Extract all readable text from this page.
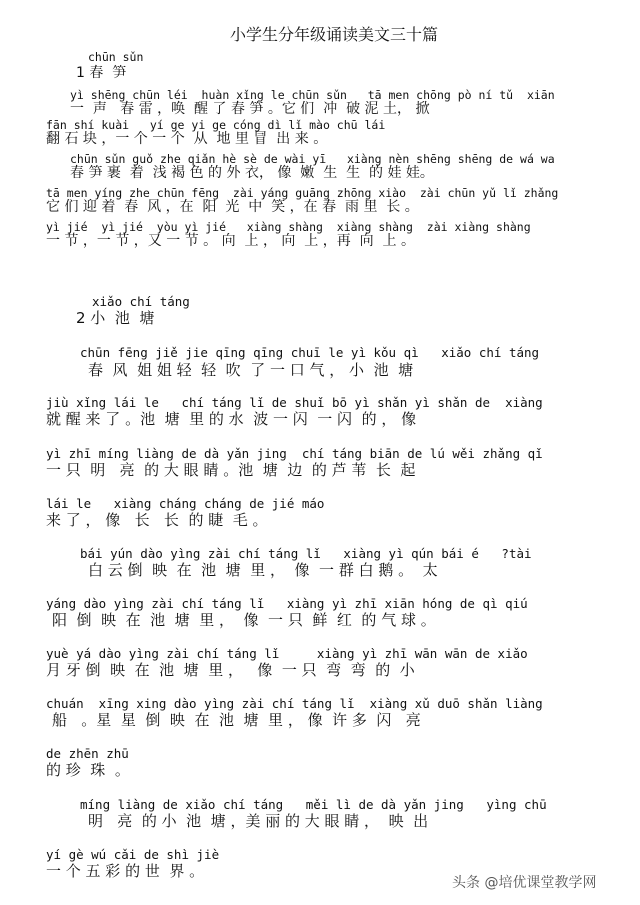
小学生分年级诵读美文三十篇
chūn sǔn
1 春  笋
yì shēng chūn léi  huàn xǐng le chūn sǔn   tā men chōng pò ní tǔ  xiān
一  声   春 雷 ，唤  醒 了 春 笋 。它 们  冲  破 泥 土， 掀
fān shí kuài   yí ge yi ge cóng dì lǐ mào chū lái
翻 石 块 ，一 个 一 个  从  地 里 冒  出 来 。
chūn sǔn guǒ zhe qiǎn hè sè de wài yī   xiàng nèn shēng shēng de wá wa
春 笋 裹  着  浅 褐 色 的 外 衣， 像  嫩  生  生  的 娃 娃。
tā men yíng zhe chūn fēng  zài yáng guāng zhōng xiào  zài chūn yǔ lǐ zhǎng
它 们 迎 着  春  风 ，在  阳  光  中  笑 ，在 春  雨 里  长 。
yì jié  yì jié  yòu yì jié   xiàng shàng  xiàng shàng  zài xiàng shàng
一 节 ，一 节 ，又 一 节 。 向  上 ， 向  上 ，再  向  上 。
xiǎo chí táng
2 小  池  塘
chūn fēng jiě jie qīng qīng chuī le yì kǒu qì   xiǎo chí táng
春  风  姐 姐 轻  轻  吹  了 一 口 气 ， 小  池  塘
jiù xǐng lái le   chí táng lǐ de shuǐ bō yì shǎn yì shǎn de  xiàng
就 醒 来 了 。池  塘  里 的 水  波 一 闪  一 闪  的 ， 像
yì zhī míng liàng de dà yǎn jing  chí táng biān de lú wěi zhǎng qǐ
一 只  明   亮  的 大 眼 睛 。池  塘  边  的 芦 苇  长  起
lái le   xiàng cháng cháng de jié máo
来 了 ， 像   长   长  的 睫  毛 。
bái yún dào yìng zài chí táng lǐ   xiàng yì qún bái é   ?tài
白 云 倒  映  在  池  塘  里 ，  像  一 群 白 鹅 。  太
yáng dào yìng zài chí táng lǐ   xiàng yì zhī xiān hóng de qì qiú
阳  倒  映  在  池  塘  里 ，  像  一 只  鲜  红  的 气 球 。
yuè yá dào yìng zài chí táng lǐ     xiàng yì zhī wān wān de xiǎo
月 牙 倒  映  在  池  塘  里 ，   像  一 只  弯  弯  的  小
chuán  xīng xing dào yìng zài chí táng lǐ  xiàng xǔ duō shǎn liàng
船   。星  星  倒  映  在  池  塘  里 ， 像  许 多  闪   亮
de zhēn zhū
的 珍  珠  。
míng liàng de xiǎo chí táng   měi lì de dà yǎn jing   yìng chū
明   亮  的 小  池  塘 ，美 丽 的 大 眼 睛 ，  映  出
yí gè wú cǎi de shì jiè
一 个 五 彩 的 世  界 。
头条 @培优课堂教学网
